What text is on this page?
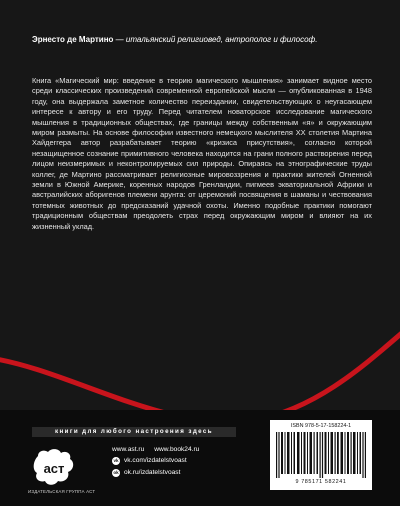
Эрнесто де Мартино — итальянский религиовед, антрополог и философ.
Книга «Магический мир: введение в теорию магического мышления» занимает видное место среди классических произведений современной европейской мысли — опубликованная в 1948 году, она выдержала заметное количество переиздании, свидетельствующих о неугасающем интересе к автору и его труду. Перед читателем новаторское исследование магического мышления в традиционных обществах, где границы между собственным «я» и окружающим миром размыты. На основе философии известного немецкого мыслителя XX столетия Мартина Хайдеггера автор разрабатывает теорию «кризиса присутствия», согласно которой незащищенное сознание примитивного человека находится на грани полного растворения перед лицом неизмеримых и неконтролируемых сил природы. Опираясь на этнографические труды коллег, де Мартино рассматривает религиозные мировоззрения и практики жителей Огненной земли в Южной Америке, коренных народов Гренландии, пигмеев экваториальной Африки и австралийских аборигенов племени арунта: от церемоний посвящения в шаманы и чествования тотемных животных до предсказаний удачной охоты. Именно подобные практики помогают традиционным обществам преодолеть страх перед окружающим миром и влияют на их жизненный уклад.
книги для любого настроения здесь
аст
ИЗДАТЕЛЬСКАЯ ГРУППА АСТ
www.ast.ru www.book24.ru
vk vk.com/izdatelstvoast
ok ok.ru/izdatelstvoast
ISBN 978-5-17-158224-1
9 785171 582241
